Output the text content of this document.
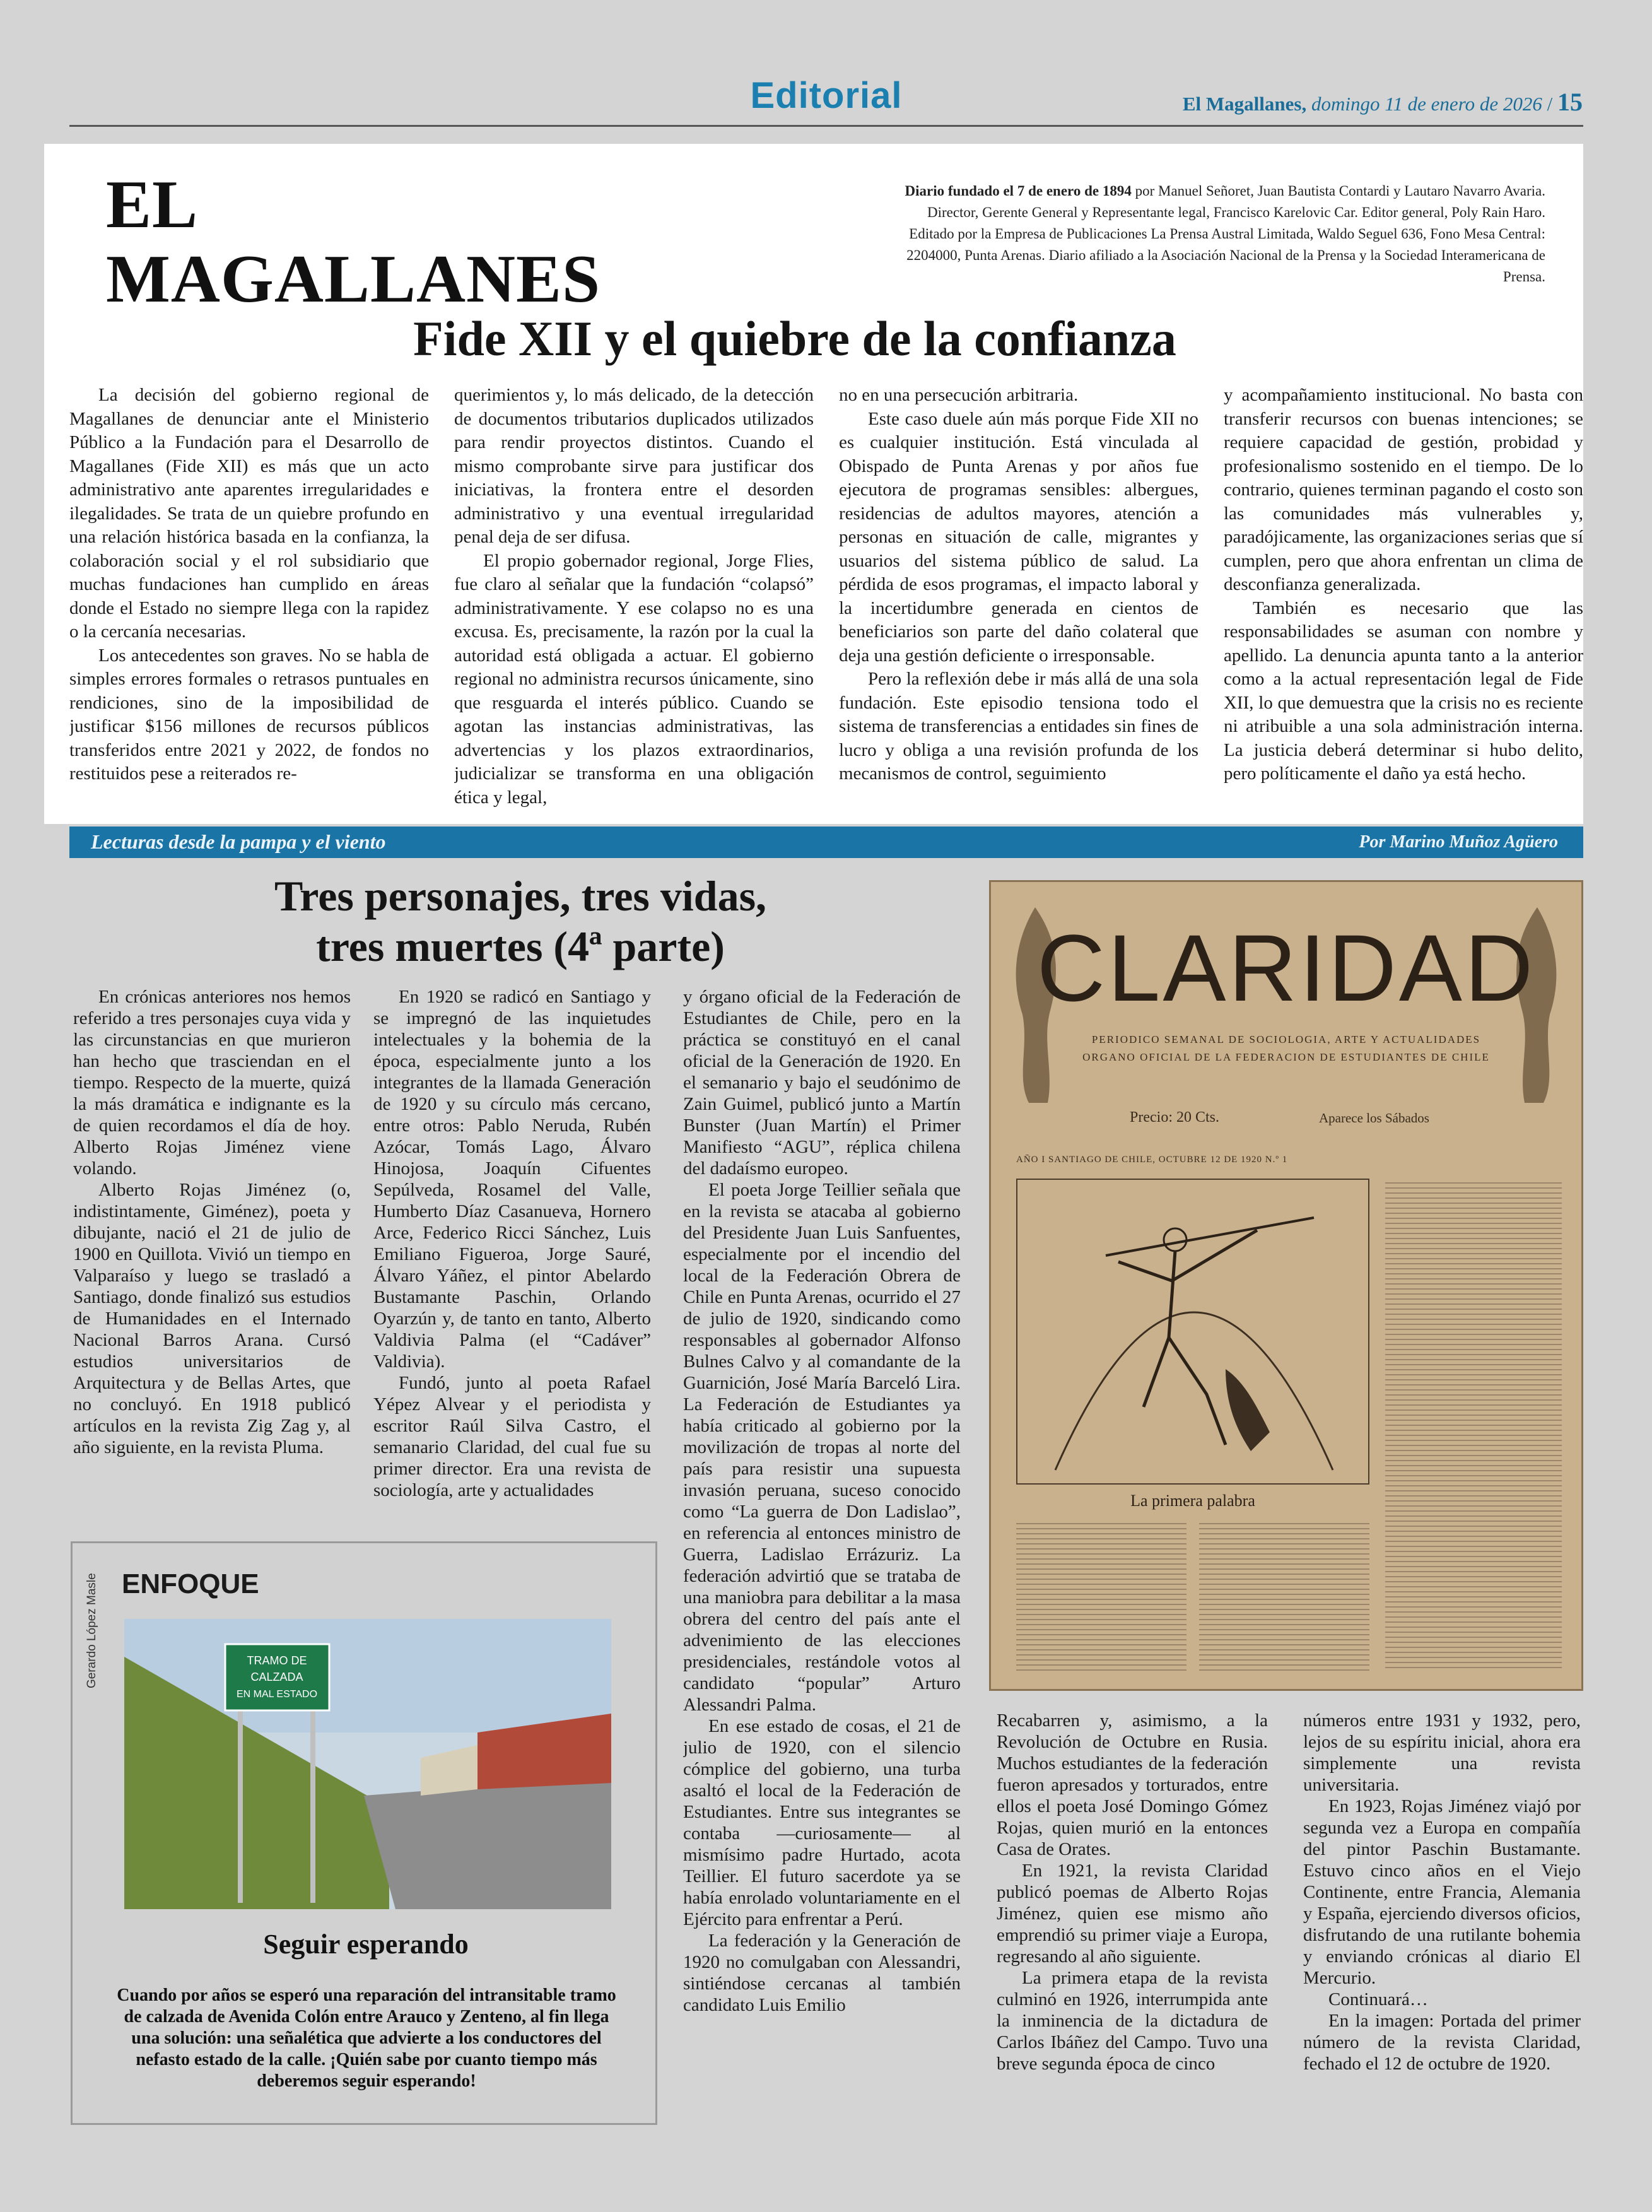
Editorial	El Magallanes, domingo 11 de enero de 2026 / 15
EL
MAGALLANES
Diario fundado el 7 de enero de 1894 por Manuel Señoret, Juan Bautista Contardi y Lautaro Navarro Avaria. Director, Gerente General y Representante legal, Francisco Karelovic Car. Editor general, Poly Rain Haro. Editado por la Empresa de Publicaciones La Prensa Austral Limitada, Waldo Seguel 636, Fono Mesa Central: 2204000, Punta Arenas. Diario afiliado a la Asociación Nacional de la Prensa y la Sociedad Interamericana de Prensa.
Fide XII y el quiebre de la confianza

La decisión del gobierno regional de Magallanes de denunciar ante el Ministerio Público a la Fundación para el Desarrollo de Magallanes (Fide XII) es más que un acto administrativo ante aparentes irregularidades e ilegalidades. Se trata de un quiebre profundo en una relación histórica basada en la confianza, la colaboración social y el rol subsidiario que muchas fundaciones han cumplido en áreas donde el Estado no siempre llega con la rapidez o la cercanía necesarias.

Los antecedentes son graves. No se habla de simples errores formales o retrasos puntuales en rendiciones, sino de la imposibilidad de justificar $156 millones de recursos públicos transferidos entre 2021 y 2022, de fondos no restituidos pese a reiterados re-

querimientos y, lo más delicado, de la detección de documentos tributarios duplicados utilizados para rendir proyectos distintos. Cuando el mismo comprobante sirve para justificar dos iniciativas, la frontera entre el desorden administrativo y una eventual irregularidad penal deja de ser difusa.

El propio gobernador regional, Jorge Flies, fue claro al señalar que la fundación “colapsó” administrativamente. Y ese colapso no es una excusa. Es, precisamente, la razón por la cual la autoridad está obligada a actuar. El gobierno regional no administra recursos únicamente, sino que resguarda el interés público. Cuando se agotan las instancias administrativas, las advertencias y los plazos extraordinarios, judicializar se transforma en una obligación ética y legal,

no en una persecución arbitraria.

Este caso duele aún más porque Fide XII no es cualquier institución. Está vinculada al Obispado de Punta Arenas y por años fue ejecutora de programas sensibles: albergues, residencias de adultos mayores, atención a personas en situación de calle, migrantes y usuarios del sistema público de salud. La pérdida de esos programas, el impacto laboral y la incertidumbre generada en cientos de beneficiarios son parte del daño colateral que deja una gestión deficiente o irresponsable.

Pero la reflexión debe ir más allá de una sola fundación. Este episodio tensiona todo el sistema de transferencias a entidades sin fines de lucro y obliga a una revisión profunda de los mecanismos de control, seguimiento

y acompañamiento institucional. No basta con transferir recursos con buenas intenciones; se requiere capacidad de gestión, probidad y profesionalismo sostenido en el tiempo. De lo contrario, quienes terminan pagando el costo son las comunidades más vulnerables y, paradójicamente, las organizaciones serias que sí cumplen, pero que ahora enfrentan un clima de desconfianza generalizada.

También es necesario que las responsabilidades se asuman con nombre y apellido. La denuncia apunta tanto a la anterior como a la actual representación legal de Fide XII, lo que demuestra que la crisis no es reciente ni atribuible a una sola administración interna. La justicia deberá determinar si hubo delito, pero políticamente el daño ya está hecho.

Lecturas desde la pampa y el viento	Por Marino Muñoz Agüero
Tres personajes, tres vidas,
tres muertes (4ª parte)

En crónicas anteriores nos hemos referido a tres personajes cuya vida y las circunstancias en que murieron han hecho que trasciendan en el tiempo. Respecto de la muerte, quizá la más dramática e indignante es la de quien recordamos el día de hoy. Alberto Rojas Jiménez viene volando.

Alberto Rojas Jiménez (o, indistintamente, Giménez), poeta y dibujante, nació el 21 de julio de 1900 en Quillota. Vivió un tiempo en Valparaíso y luego se trasladó a Santiago, donde finalizó sus estudios de Humanidades en el Internado Nacional Barros Arana. Cursó estudios universitarios de Arquitectura y de Bellas Artes, que no concluyó. En 1918 publicó artículos en la revista Zig Zag y, al año siguiente, en la revista Pluma.

En 1920 se radicó en Santiago y se impregnó de las inquietudes intelectuales y la bohemia de la época, especialmente junto a los integrantes de la llamada Generación de 1920 y su círculo más cercano, entre otros: Pablo Neruda, Rubén Azócar, Tomás Lago, Álvaro Hinojosa, Joaquín Cifuentes Sepúlveda, Rosamel del Valle, Humberto Díaz Casanueva, Hornero Arce, Federico Ricci Sánchez, Luis Emiliano Figueroa, Jorge Sauré, Álvaro Yáñez, el pintor Abelardo Bustamante Paschin, Orlando Oyarzún y, de tanto en tanto, Alberto Valdivia Palma (el “Cadáver” Valdivia).

Fundó, junto al poeta Rafael Yépez Alvear y el periodista y escritor Raúl Silva Castro, el semanario Claridad, del cual fue su primer director. Era una revista de sociología, arte y actualidades

y órgano oficial de la Federación de Estudiantes de Chile, pero en la práctica se constituyó en el canal oficial de la Generación de 1920. En el semanario y bajo el seudónimo de Zain Guimel, publicó junto a Martín Bunster (Juan Martín) el Primer Manifiesto “AGU”, réplica chilena del dadaísmo europeo.

El poeta Jorge Teillier señala que en la revista se atacaba al gobierno del Presidente Juan Luis Sanfuentes, especialmente por el incendio del local de la Federación Obrera de Chile en Punta Arenas, ocurrido el 27 de julio de 1920, sindicando como responsables al gobernador Alfonso Bulnes Calvo y al comandante de la Guarnición, José María Barceló Lira. La Federación de Estudiantes ya había criticado al gobierno por la movilización de tropas al norte del país para resistir una supuesta invasión peruana, suceso conocido como “La guerra de Don Ladislao”, en referencia al entonces ministro de Guerra, Ladislao Errázuriz. La federación advirtió que se trataba de una maniobra para debilitar a la masa obrera del centro del país ante el advenimiento de las elecciones presidenciales, restándole votos al candidato “popular” Arturo Alessandri Palma.

En ese estado de cosas, el 21 de julio de 1920, con el silencio cómplice del gobierno, una turba asaltó el local de la Federación de Estudiantes. Entre sus integrantes se contaba —curiosamente— al mismísimo padre Hurtado, acota Teillier. El futuro sacerdote ya se había enrolado voluntariamente en el Ejército para enfrentar a Perú.

La federación y la Generación de 1920 no comulgaban con Alessandri, sintiéndose cercanas al también candidato Luis Emilio

Recabarren y, asimismo, a la Revolución de Octubre en Rusia. Muchos estudiantes de la federación fueron apresados y torturados, entre ellos el poeta José Domingo Gómez Rojas, quien murió en la entonces Casa de Orates.

En 1921, la revista Claridad publicó poemas de Alberto Rojas Jiménez, quien ese mismo año emprendió su primer viaje a Europa, regresando al año siguiente.

La primera etapa de la revista culminó en 1926, interrumpida ante la inminencia de la dictadura de Carlos Ibáñez del Campo. Tuvo una breve segunda época de cinco

números entre 1931 y 1932, pero, lejos de su espíritu inicial, ahora era simplemente una revista universitaria.

En 1923, Rojas Jiménez viajó por segunda vez a Europa en compañía del pintor Paschin Bustamante. Estuvo cinco años en el Viejo Continente, entre Francia, Alemania y España, ejerciendo diversos oficios, disfrutando de una rutilante bohemia y enviando crónicas al diario El Mercurio.

Continuará…

En la imagen: Portada del primer número de la revista Claridad, fechado el 12 de octubre de 1920.

CLARIDAD
PERIODICO SEMANAL DE SOCIOLOGIA, ARTE Y ACTUALIDADES
ORGANO OFICIAL DE LA FEDERACION DE ESTUDIANTES DE CHILE
Precio: 20 Cts.	Aparece los Sábados
AÑO I SANTIAGO DE CHILE, OCTUBRE 12 DE 1920 N.º 1
La primera palabra
ENFOQUE
Gerardo López Masle	TRAMO DE
CALZADA
EN MAL ESTADO
Seguir esperando
Cuando por años se esperó una reparación del intransitable tramo de calzada de Avenida Colón entre Arauco y Zenteno, al fin llega una solución: una señalética que advierte a los conductores del nefasto estado de la calle. ¡Quién sabe por cuanto tiempo más deberemos seguir esperando!
